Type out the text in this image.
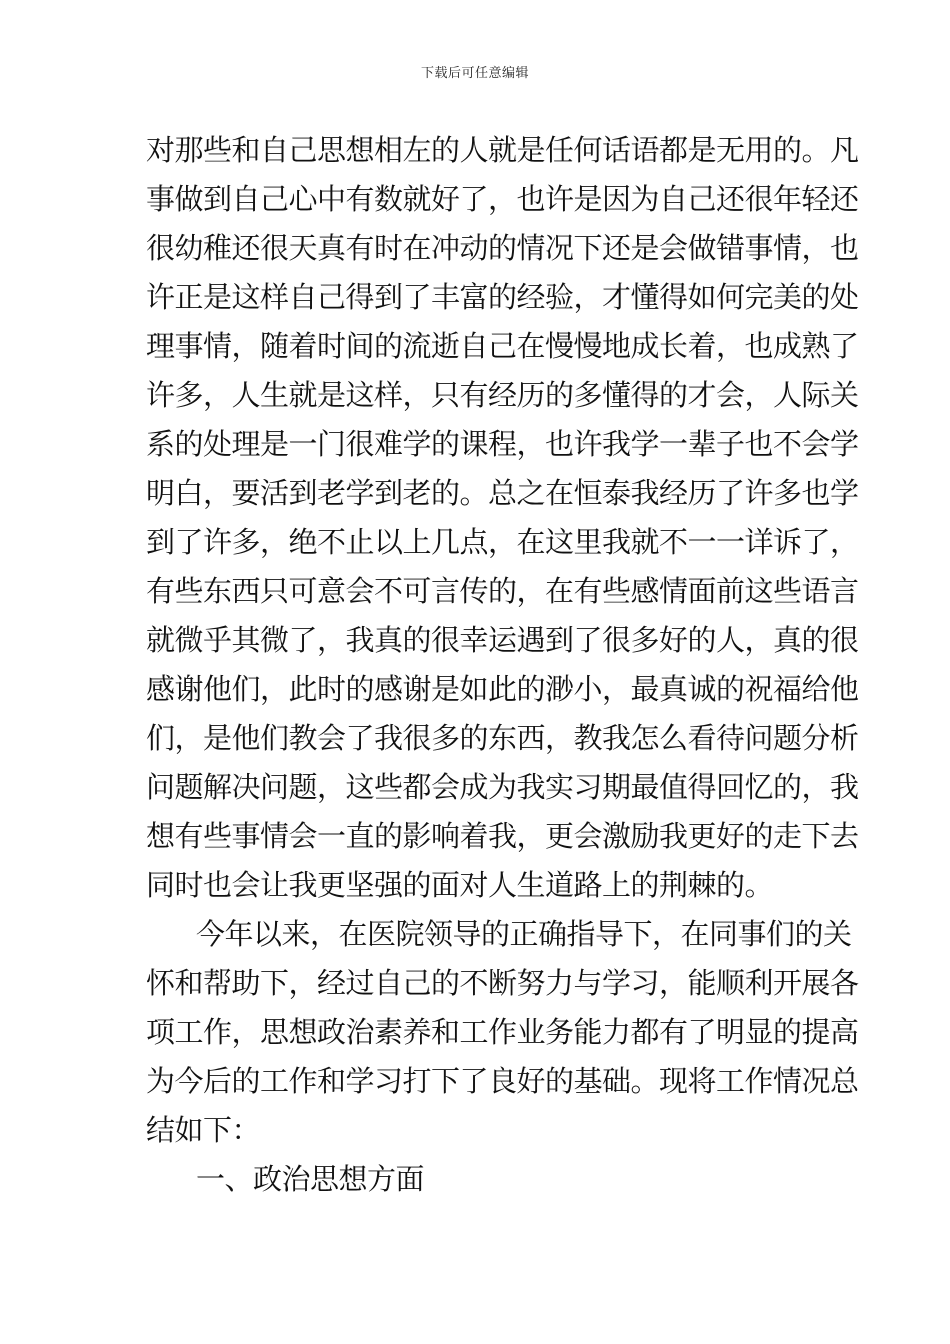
下载后可任意编辑
对那些和自己思想相左的人就是任何话语都是无用的。凡
事做到自己心中有数就好了，也许是因为自己还很年轻还
很幼稚还很天真有时在冲动的情况下还是会做错事情，也
许正是这样自己得到了丰富的经验，才懂得如何完美的处
理事情，随着时间的流逝自己在慢慢地成长着，也成熟了
许多，人生就是这样，只有经历的多懂得的才会，人际关
系的处理是一门很难学的课程，也许我学一辈子也不会学
明白，要活到老学到老的。总之在恒泰我经历了许多也学
到了许多，绝不止以上几点，在这里我就不一一详诉了，
有些东西只可意会不可言传的，在有些感情面前这些语言
就微乎其微了，我真的很幸运遇到了很多好的人，真的很
感谢他们，此时的感谢是如此的渺小，最真诚的祝福给他
们，是他们教会了我很多的东西，教我怎么看待问题分析
问题解决问题，这些都会成为我实习期最值得回忆的，我
想有些事情会一直的影响着我，更会激励我更好的走下去
同时也会让我更坚强的面对人生道路上的荆棘的。
今年以来，在医院领导的正确指导下，在同事们的关
怀和帮助下，经过自己的不断努力与学习，能顺利开展各
项工作，思想政治素养和工作业务能力都有了明显的提高
为今后的工作和学习打下了良好的基础。现将工作情况总
结如下：
一、政治思想方面
